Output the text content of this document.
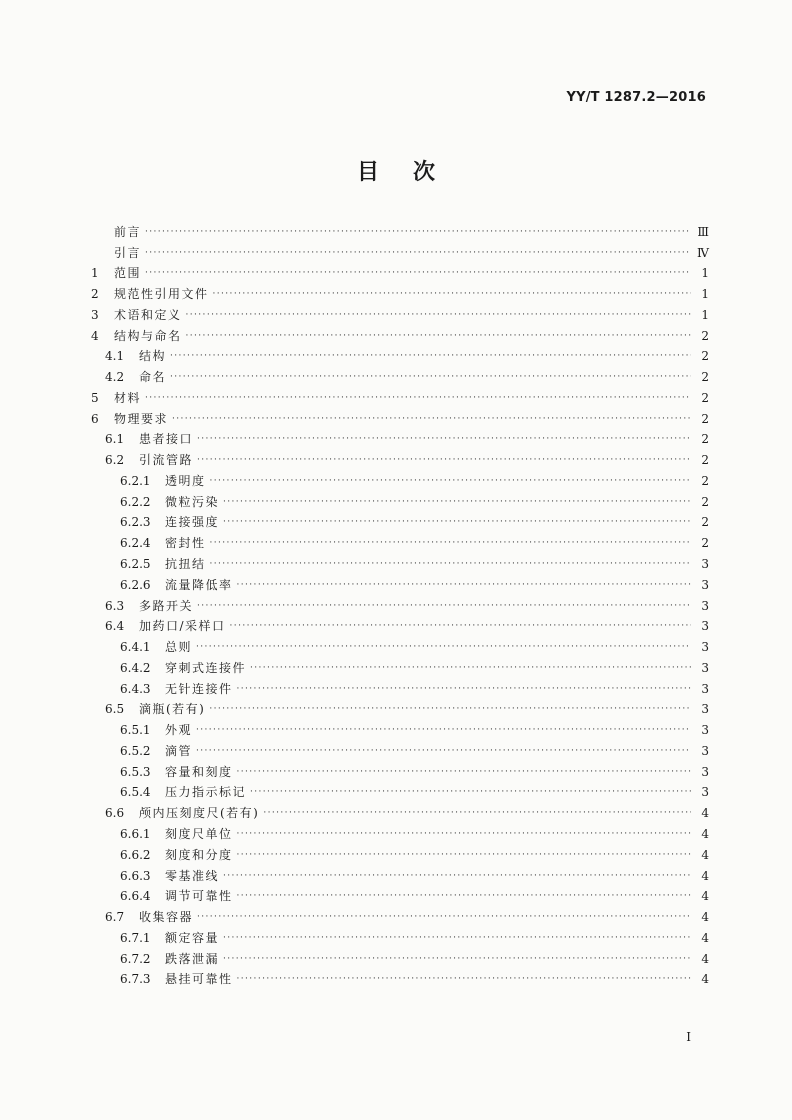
YY/T 1287.2—2016
目次
前言 ·····	Ⅲ
引言 ·····	Ⅳ
1	范围 ·····	1
2	规范性引用文件 ·····	1
3	术语和定义 ·····	1
4	结构与命名 ·····	2
4.1	结构 ·····	2
4.2	命名 ·····	2
5	材料 ·····	2
6	物理要求 ·····	2
6.1	患者接口 ·····	2
6.2	引流管路 ·····	2
6.2.1	透明度 ·····	2
6.2.2	微粒污染 ·····	2
6.2.3	连接强度 ·····	2
6.2.4	密封性 ·····	2
6.2.5	抗扭结 ·····	3
6.2.6	流量降低率 ·····	3
6.3	多路开关 ·····	3
6.4	加药口/采样口 ·····	3
6.4.1	总则 ·····	3
6.4.2	穿刺式连接件 ·····	3
6.4.3	无针连接件 ·····	3
6.5	滴瓶(若有) ·····	3
6.5.1	外观 ·····	3
6.5.2	滴管 ·····	3
6.5.3	容量和刻度 ·····	3
6.5.4	压力指示标记 ·····	3
6.6	颅内压刻度尺(若有) ·····	4
6.6.1	刻度尺单位 ·····	4
6.6.2	刻度和分度 ·····	4
6.6.3	零基准线 ·····	4
6.6.4	调节可靠性 ·····	4
6.7	收集容器 ·····	4
6.7.1	额定容量 ·····	4
6.7.2	跌落泄漏 ·····	4
6.7.3	悬挂可靠性 ·····	4
I
